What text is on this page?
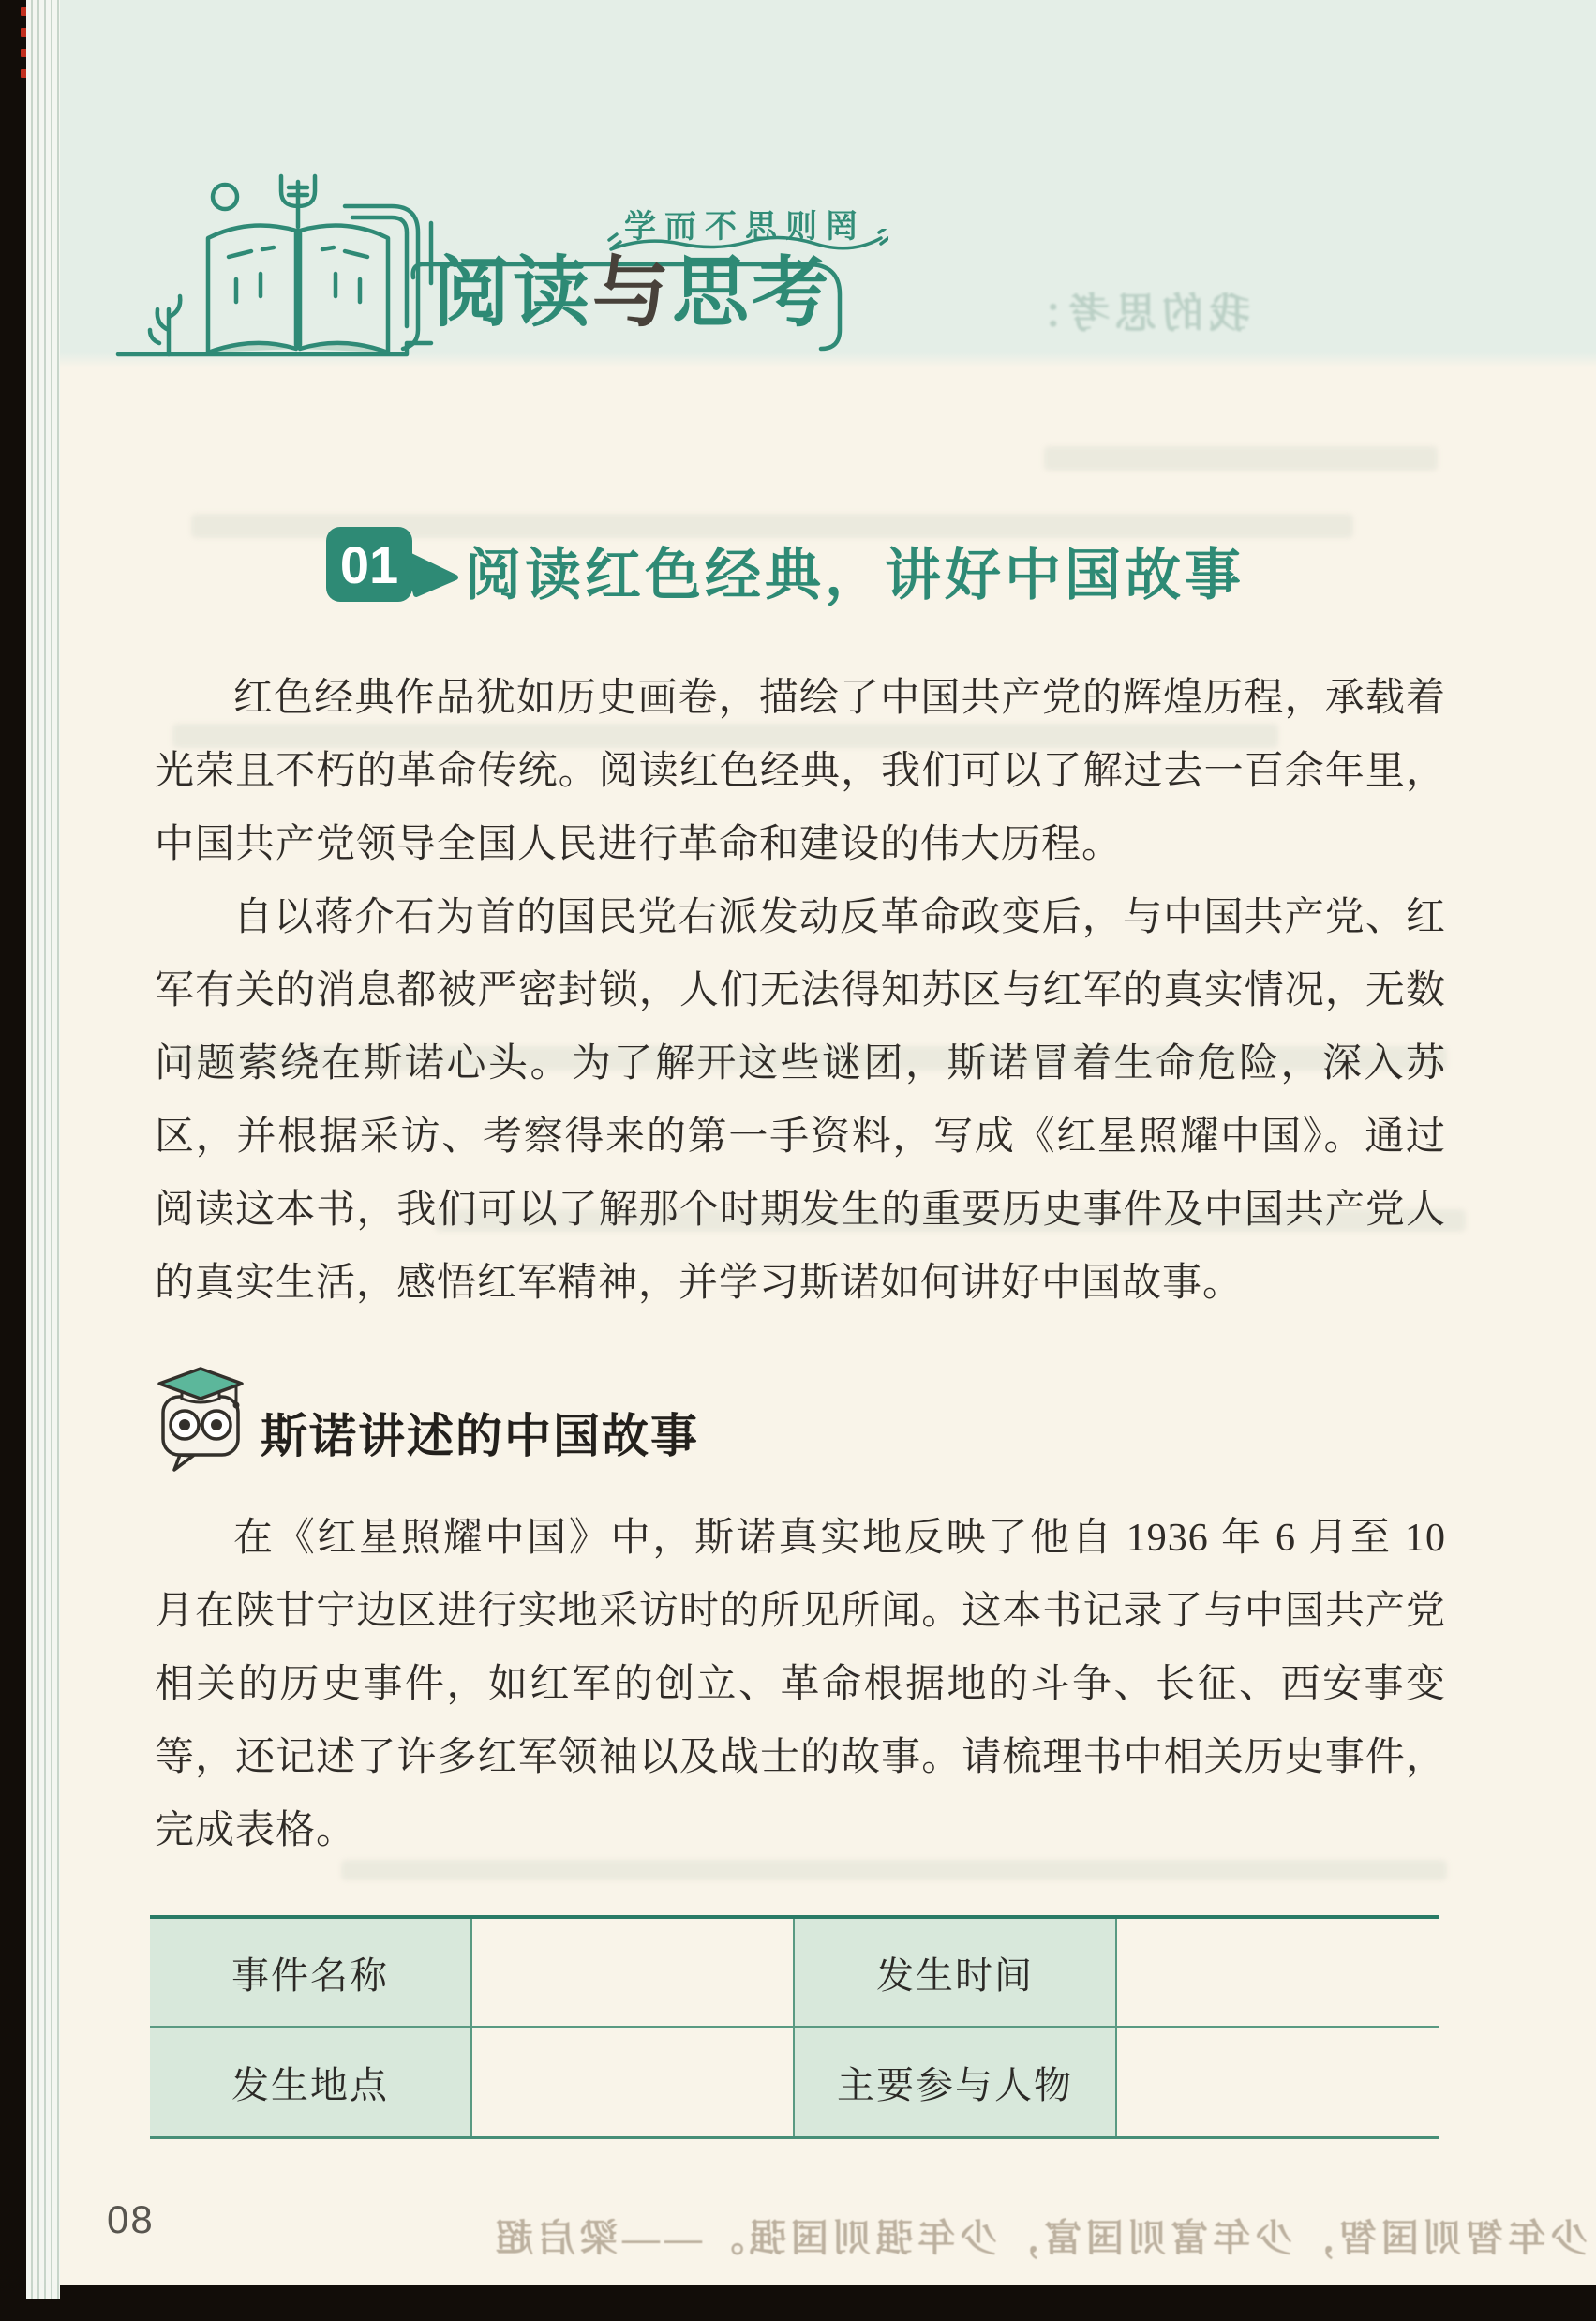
我的思考：
学而不思则罔
阅读与思考
01 阅读红色经典，讲好中国故事

红色经典作品犹如历史画卷，描绘了中国共产党的辉煌历程，承载着光荣且不朽的革命传统。阅读红色经典，我们可以了解过去一百余年里，中国共产党领导全国人民进行革命和建设的伟大历程。

自以蒋介石为首的国民党右派发动反革命政变后，与中国共产党、红军有关的消息都被严密封锁，人们无法得知苏区与红军的真实情况，无数问题萦绕在斯诺心头。为了解开这些谜团，斯诺冒着生命危险，深入苏区，并根据采访、考察得来的第一手资料，写成《红星照耀中国》。通过阅读这本书，我们可以了解那个时期发生的重要历史事件及中国共产党人的真实生活，感悟红军精神，并学习斯诺如何讲好中国故事。

斯诺讲述的中国故事

在《红星照耀中国》中，斯诺真实地反映了他自 1936 年 6 月至 10 月在陕甘宁边区进行实地采访时的所见所闻。这本书记录了与中国共产党相关的历史事件，如红军的创立、革命根据地的斗争、长征、西安事变等，还记述了许多红军领袖以及战士的故事。请梳理书中相关历史事件，完成表格。

事件名称	发生时间
发生地点	主要参与人物
08	少年智则国智，少年富则国富，少年强则国强。——梁启超
